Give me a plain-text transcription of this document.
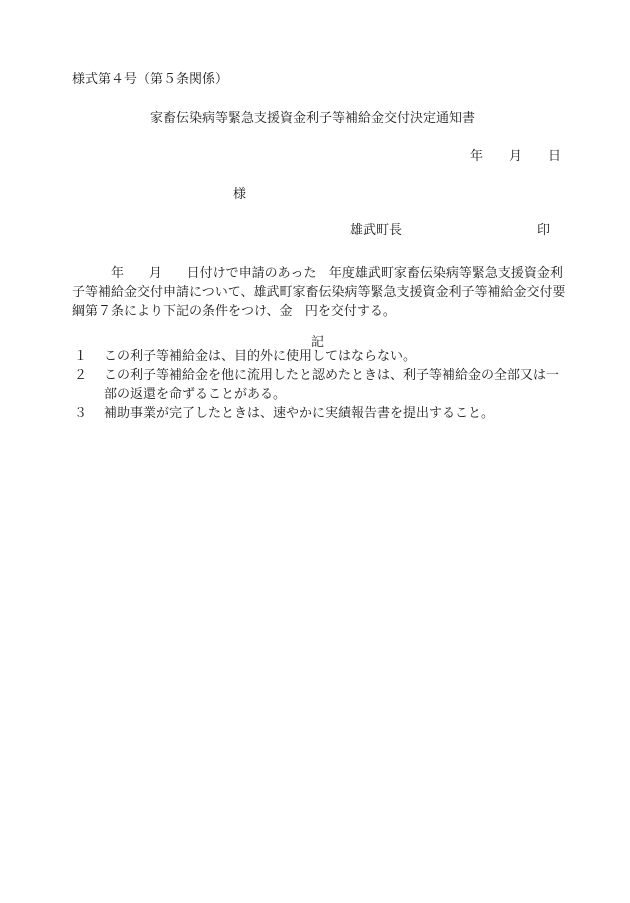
様式第４号（第５条関係）
家畜伝染病等緊急支援資金利子等補給金交付決定通知書
年 月 日
様
雄武町長	印
年 月 日付けで申請のあった 年度雄武町家畜伝染病等緊急支援資金利子等補給金交付申請について、雄武町家畜伝染病等緊急支援資金利子等補給金交付要綱第７条により下記の条件をつけ、金 円を交付する。
記
１	この利子等補給金は、目的外に使用してはならない。
２	この利子等補給金を他に流用したと認めたときは、利子等補給金の全部又は一部の返還を命ずることがある。
３	補助事業が完了したときは、速やかに実績報告書を提出すること。
